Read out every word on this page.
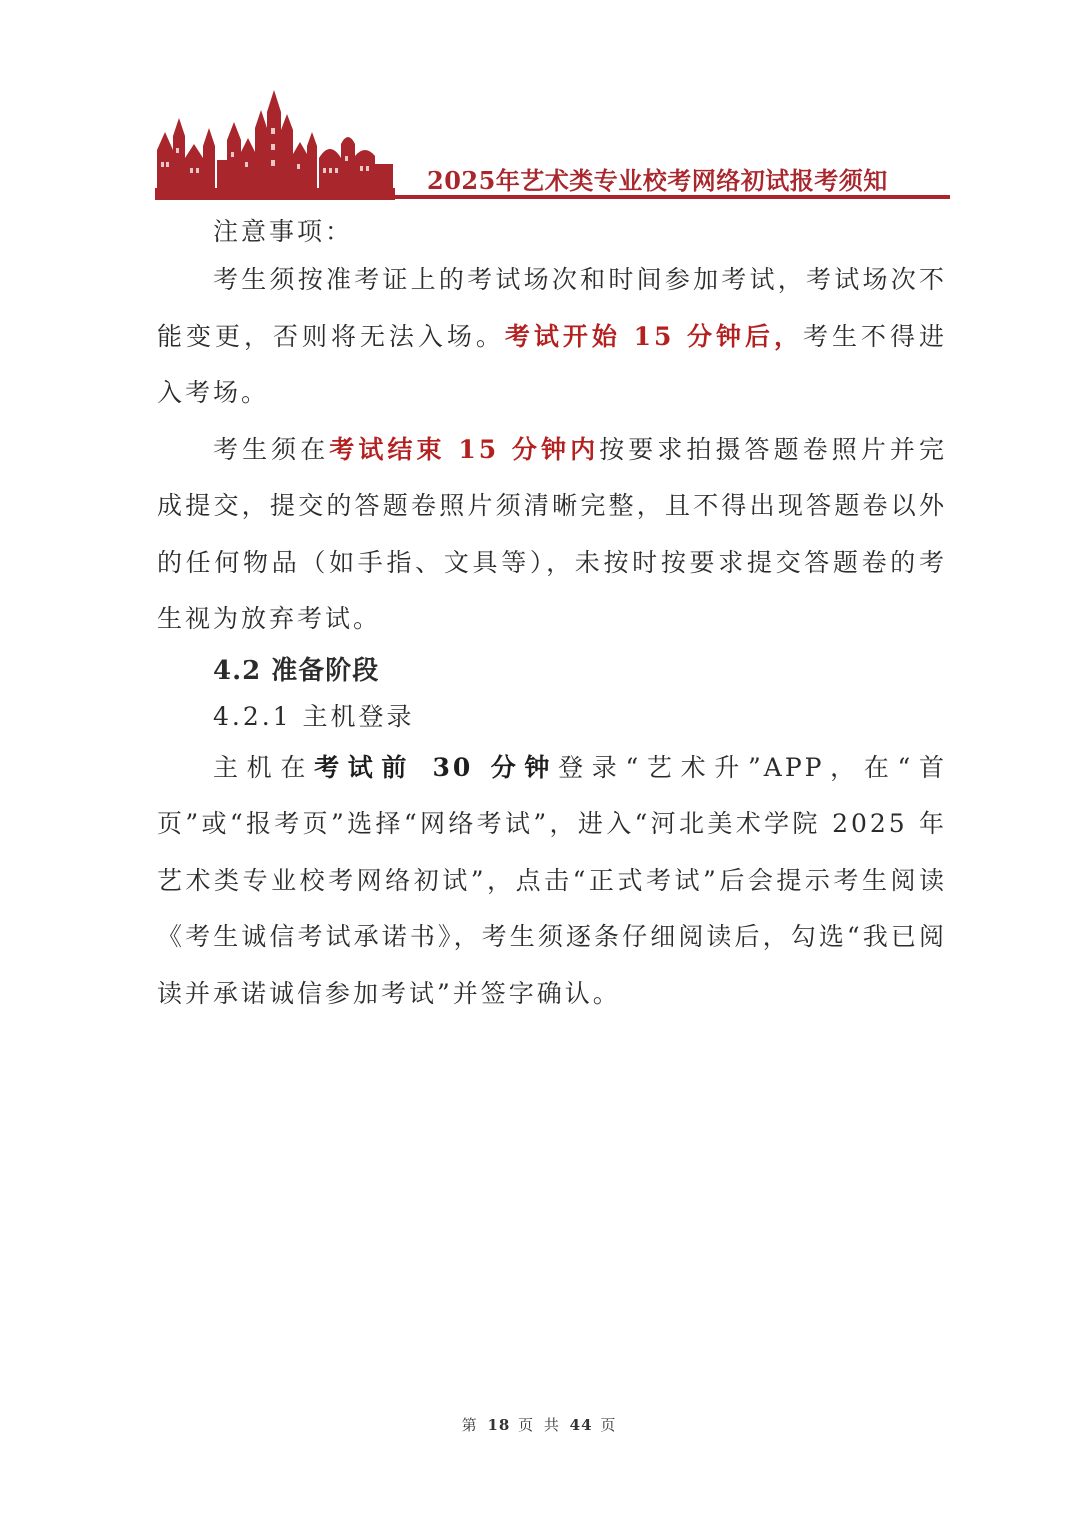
2025年艺术类专业校考网络初试报考须知

注意事项：

考生须按准考证上的考试场次和时间参加考试，考试场次不能变更，否则将无法入场。考试开始 15 分钟后，考生不得进入考场。

考生须在考试结束 15 分钟内按要求拍摄答题卷照片并完成提交，提交的答题卷照片须清晰完整，且不得出现答题卷以外的任何物品（如手指、文具等），未按时按要求提交答题卷的考生视为放弃考试。

4.2 准备阶段

4.2.1 主机登录

主机在考试前 30 分钟登录“艺术升”APP，在“首页”或“报考页”选择“网络考试”，进入“河北美术学院 2025 年艺术类专业校考网络初试”，点击“正式考试”后会提示考生阅读《考生诚信考试承诺书》，考生须逐条仔细阅读后，勾选“我已阅读并承诺诚信参加考试”并签字确认。

第 18 页 共 44 页
